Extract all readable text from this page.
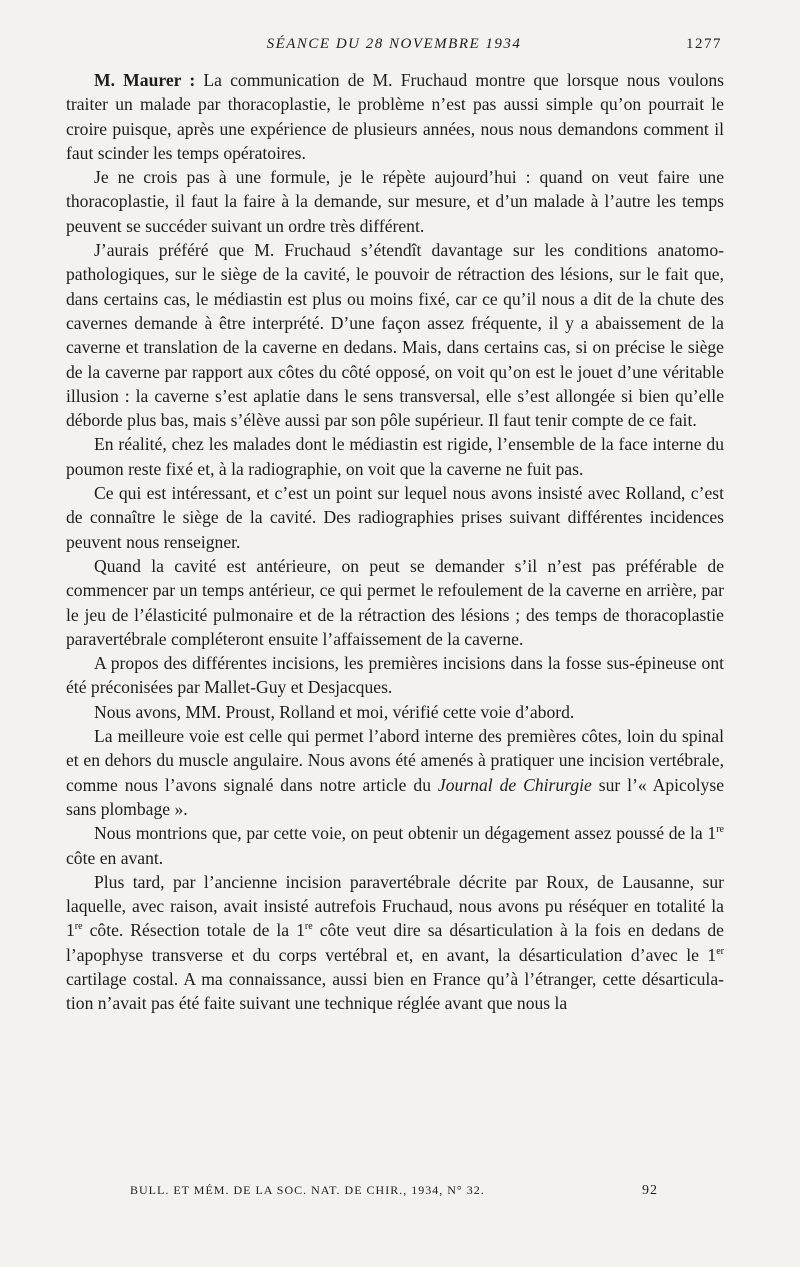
SÉANCE DU 28 NOVEMBRE 1934	1277

M. Maurer : La communication de M. Fruchaud montre que lorsque nous voulons traiter un malade par thoracoplastie, le problème n’est pas aussi simple qu’on pourrait le croire puisque, après une expérience de plusieurs années, nous nous demandons comment il faut scinder les temps opératoires.

Je ne crois pas à une formule, je le répète aujourd’hui : quand on veut faire une thoracoplastie, il faut la faire à la demande, sur mesure, et d’un malade à l’autre les temps peuvent se succéder suivant un ordre très différent.

J’aurais préféré que M. Fruchaud s’étendît davantage sur les conditions anatomo-pathologiques, sur le siège de la cavité, le pouvoir de rétraction des lésions, sur le fait que, dans certains cas, le médiastin est plus ou moins fixé, car ce qu’il nous a dit de la chute des cavernes demande à être interprété. D’une façon assez fréquente, il y a abaissement de la caverne et translation de la caverne en dedans. Mais, dans certains cas, si on précise le siège de la caverne par rapport aux côtes du côté opposé, on voit qu’on est le jouet d’une véritable illusion : la caverne s’est aplatie dans le sens transversal, elle s’est allongée si bien qu’elle déborde plus bas, mais s’élève aussi par son pôle supérieur. Il faut tenir compte de ce fait.

En réalité, chez les malades dont le médiastin est rigide, l’ensemble de la face interne du poumon reste fixé et, à la radiographie, on voit que la caverne ne fuit pas.

Ce qui est intéressant, et c’est un point sur lequel nous avons insisté avec Rolland, c’est de connaître le siège de la cavité. Des radiographies prises suivant différentes incidences peuvent nous renseigner.

Quand la cavité est antérieure, on peut se demander s’il n’est pas préférable de commencer par un temps antérieur, ce qui permet le refoulement de la caverne en arrière, par le jeu de l’élasticité pulmonaire et de la rétraction des lésions ; des temps de thoracoplastie paravertébrale compléteront ensuite l’affaissement de la caverne.

A propos des différentes incisions, les premières incisions dans la fosse sus-épineuse ont été préconisées par Mallet-Guy et Desjacques.

Nous avons, MM. Proust, Rolland et moi, vérifié cette voie d’abord.

La meilleure voie est celle qui permet l’abord interne des premières côtes, loin du spinal et en dehors du muscle angulaire. Nous avons été amenés à pratiquer une incision vertébrale, comme nous l’avons signalé dans notre article du Journal de Chirurgie sur l’« Apicolyse sans plombage ».

Nous montrions que, par cette voie, on peut obtenir un dégagement assez poussé de la 1re côte en avant.

Plus tard, par l’ancienne incision paravertébrale décrite par Roux, de Lausanne, sur laquelle, avec raison, avait insisté autrefois Fruchaud, nous avons pu réséquer en totalité la 1re côte. Résection totale de la 1re côte veut dire sa désarticulation à la fois en dedans de l’apophyse transverse et du corps vertébral et, en avant, la désarticulation d’avec le 1er cartilage costal. A ma connaissance, aussi bien en France qu’à l’étranger, cette désarticulation n’avait pas été faite suivant une technique réglée avant que nous la

BULL. ET MÉM. DE LA SOC. NAT. DE CHIR., 1934, N° 32.	92
